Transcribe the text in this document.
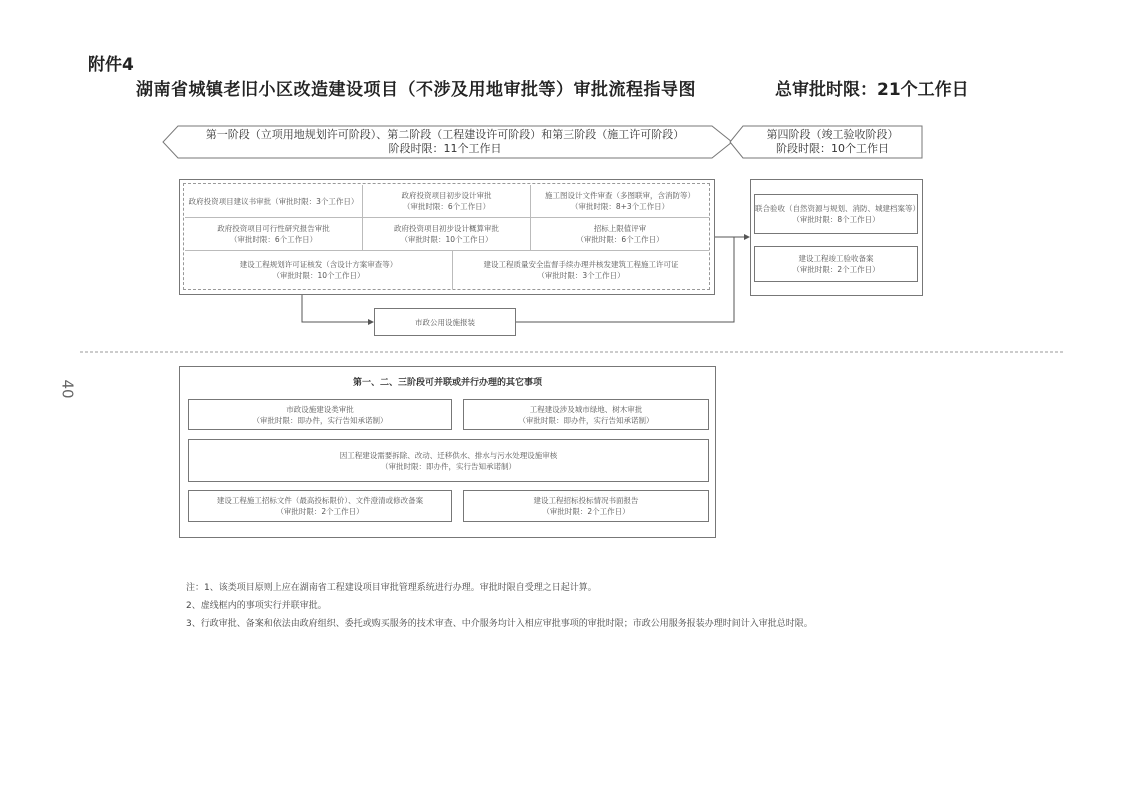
附件4
湖南省城镇老旧小区改造建设项目（不涉及用地审批等）审批流程指导图	总审批时限：21个工作日
第一阶段（立项用地规划许可阶段）、第二阶段（工程建设许可阶段）和第三阶段（施工许可阶段）
阶段时限：11个工作日
第四阶段（竣工验收阶段）
阶段时限：10个工作日
政府投资项目建议书审批（审批时限：3个工作日）
政府投资项目初步设计审批
（审批时限：6个工作日）
施工图设计文件审查（多图联审，含消防等）
（审批时限：8+3个工作日）
政府投资项目可行性研究报告审批
（审批时限：6个工作日）
政府投资项目初步设计概算审批
（审批时限：10个工作日）
招标上限值评审
（审批时限：6个工作日）
建设工程规划许可证核发（含设计方案审查等）
（审批时限：10个工作日）
建设工程质量安全监督手续办理并核发建筑工程施工许可证
（审批时限：3个工作日）
市政公用设施报装
联合验收（自然资源与规划、消防、城建档案等）
（审批时限：8个工作日）
建设工程竣工验收备案
（审批时限：2个工作日）
40	第一、二、三阶段可并联或并行办理的其它事项
市政设施建设类审批
（审批时限：即办件，实行告知承诺制）
工程建设涉及城市绿地、树木审批
（审批时限：即办件，实行告知承诺制）
因工程建设需要拆除、改动、迁移供水、排水与污水处理设施审核
（审批时限：即办件，实行告知承诺制）
建设工程施工招标文件（最高投标限价）、文件澄清或修改备案
（审批时限：2个工作日）
建设工程招标投标情况书面报告
（审批时限：2个工作日）
注：1、该类项目原则上应在湖南省工程建设项目审批管理系统进行办理。审批时限自受理之日起计算。
2、虚线框内的事项实行并联审批。
3、行政审批、备案和依法由政府组织、委托或购买服务的技术审查、中介服务均计入相应审批事项的审批时限；市政公用服务报装办理时间计入审批总时限。
